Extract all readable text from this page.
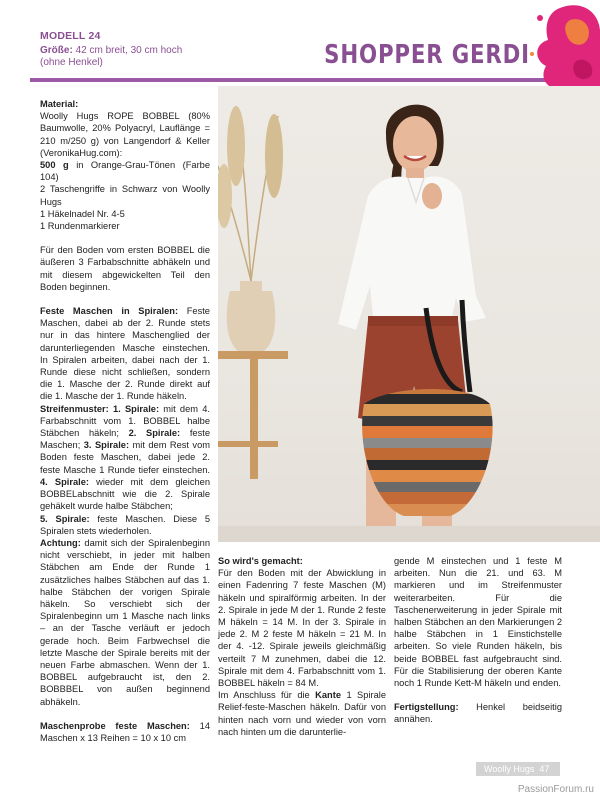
MODELL 24
Größe: 42 cm breit, 30 cm hoch
(ohne Henkel)	SHOPPER GERDI

Material:
Woolly Hugs ROPE BOBBEL (80% Baumwolle, 20% Polyacryl, Lauflänge = 210 m/250 g) von Langendorf & Keller (VeronikaHug.com):
500 g in Orange-Grau-Tönen (Farbe 104)
2 Taschengriffe in Schwarz von Woolly Hugs
1 Häkelnadel Nr. 4-5
1 Rundenmarkierer

Für den Boden vom ersten BOBBEL die äußeren 3 Farbabschnitte abhäkeln und mit diesem abgewickelten Teil den Boden beginnen.

Feste Maschen in Spiralen: Feste Maschen, dabei ab der 2. Runde stets nur in das hintere Maschenglied der darunterliegenden Masche einstechen. In Spiralen arbeiten, dabei nach der 1. Runde diese nicht schließen, sondern die 1. Masche der 2. Runde direkt auf die 1. Masche der 1. Runde häkeln.
Streifenmuster: 1. Spirale: mit dem 4. Farbabschnitt vom 1. BOBBEL halbe Stäbchen häkeln; 2. Spirale: feste Maschen; 3. Spirale: mit dem Rest vom Boden feste Maschen, dabei jede 2. feste Masche 1 Runde tiefer einstechen. 4. Spirale: wieder mit dem gleichen BOBBELabschnitt wie die 2. Spirale gehäkelt wurde halbe Stäbchen;
5. Spirale: feste Maschen. Diese 5 Spiralen stets wiederholen.
Achtung: damit sich der Spiralenbeginn nicht verschiebt, in jeder mit halben Stäbchen am Ende der Runde 1 zusätzliches halbes Stäbchen auf das 1. halbe Stäbchen der vorigen Spirale häkeln. So verschiebt sich der Spiralenbeginn um 1 Masche nach links – an der Tasche verläuft er jedoch gerade hoch. Beim Farbwechsel die letzte Masche der Spirale bereits mit der neuen Farbe abmaschen. Wenn der 1. BOBBEL aufgebraucht ist, den 2. BOBBBEL von außen beginnend abhäkeln.

Maschenprobe feste Maschen: 14 Maschen x 13 Reihen = 10 x 10 cm

So wird's gemacht:
Für den Boden mit der Abwicklung in einen Fadenring 7 feste Maschen (M) häkeln und spiralförmig arbeiten. In der 2. Spirale in jede M der 1. Runde 2 feste M häkeln = 14 M. In der 3. Spirale in jede 2. M 2 feste M häkeln = 21 M. In der 4. -12. Spirale jeweils gleichmäßig verteilt 7 M zunehmen, dabei die 12. Spirale mit dem 4. Farbabschnitt vom 1. BOBBEL häkeln = 84 M.
Im Anschluss für die Kante 1 Spirale Relief-feste-Maschen häkeln. Dafür von hinten nach vorn und wieder von vorn nach hinten um die darunterlie-

gende M einstechen und 1 feste M arbeiten. Nun die 21. und 63. M markieren und im Streifenmuster weiterarbeiten. Für die Taschenerweiterung in jeder Spirale mit halben Stäbchen an den Markierungen 2 halbe Stäbchen in 1 Einstichstelle arbeiten. So viele Runden häkeln, bis beide BOBBEL fast aufgebraucht sind. Für die Stabilisierung der oberen Kante noch 1 Runde Kett-M häkeln und enden.

Fertigstellung: Henkel beidseitig annähen.

Woolly Hugs 47
PassionForum.ru
